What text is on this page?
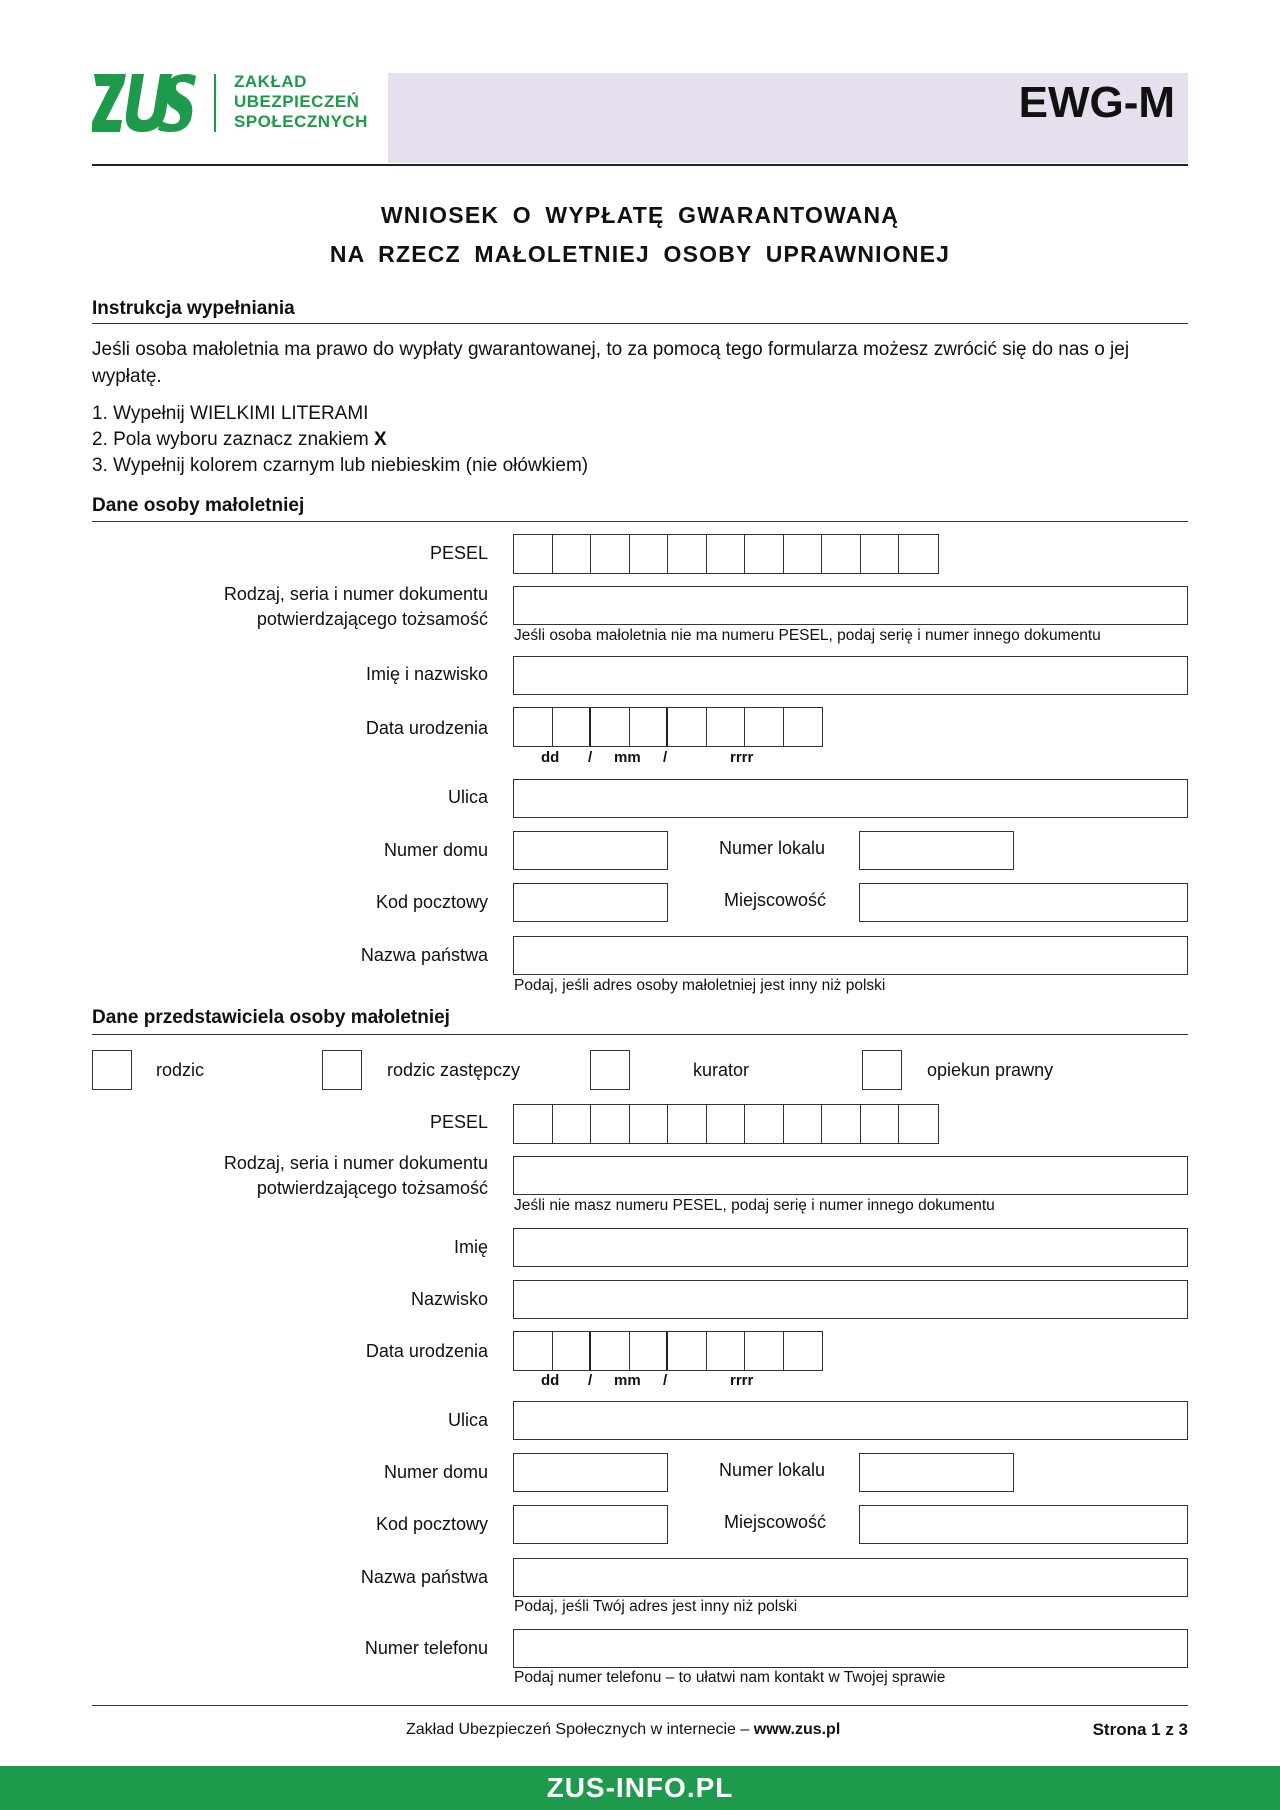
ZAKŁAD
UBEZPIECZEŃ
SPOŁECZNYCH	EWG-M
WNIOSEK O WYPŁATĘ GWARANTOWANĄ
NA RZECZ MAŁOLETNIEJ OSOBY UPRAWNIONEJ
Instrukcja wypełniania
Jeśli osoba małoletnia ma prawo do wypłaty gwarantowanej, to za pomocą tego formularza możesz zwrócić się do nas o jej wypłatę.
1. Wypełnij WIELKIMI LITERAMI
2. Pola wyboru zaznacz znakiem X
3. Wypełnij kolorem czarnym lub niebieskim (nie ołówkiem)
Dane osoby małoletniej
PESEL
Rodzaj, seria i numer dokumentu
potwierdzającego tożsamość
Jeśli osoba małoletnia nie ma numeru PESEL, podaj serię i numer innego dokumentu
Imię i nazwisko
Data urodzenia
dd / mm /	rrrr
Ulica
Numer domu	Numer lokalu
Kod pocztowy	Miejscowość
Nazwa państwa
Podaj, jeśli adres osoby małoletniej jest inny niż polski
Dane przedstawiciela osoby małoletniej
rodzic	rodzic zastępczy	kurator	opiekun prawny
PESEL
Rodzaj, seria i numer dokumentu
potwierdzającego tożsamość
Jeśli nie masz numeru PESEL, podaj serię i numer innego dokumentu
Imię
Nazwisko
Data urodzenia
dd / mm /	rrrr
Ulica
Numer domu	Numer lokalu
Kod pocztowy	Miejscowość
Nazwa państwa
Podaj, jeśli Twój adres jest inny niż polski
Numer telefonu
Podaj numer telefonu – to ułatwi nam kontakt w Twojej sprawie
Zakład Ubezpieczeń Społecznych w internecie – www.zus.pl	Strona 1 z 3
ZUS-INFO.PL
